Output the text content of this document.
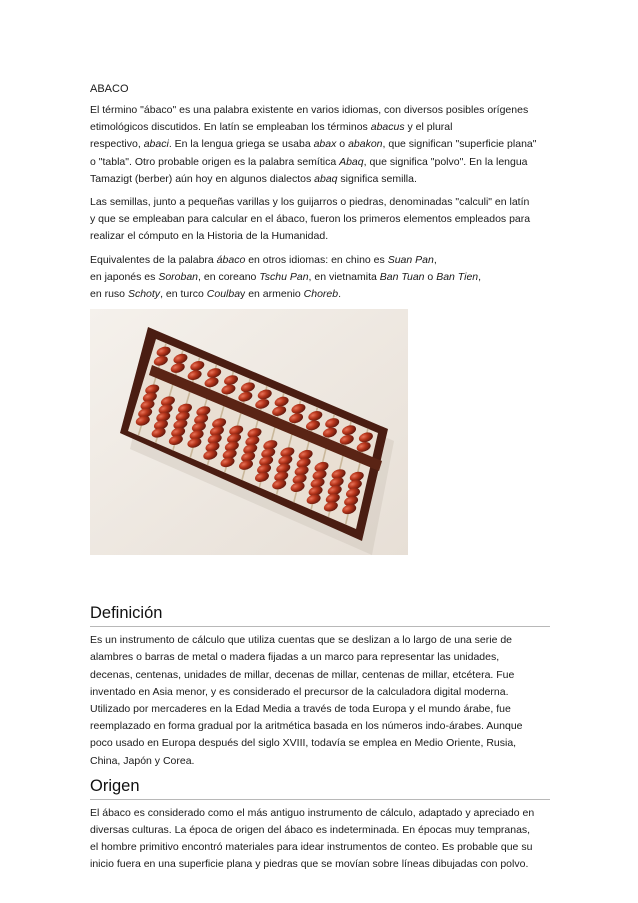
ABACO

El término "ábaco" es una palabra existente en varios idiomas, con diversos posibles orígenes
etimológicos discutidos. En latín se empleaban los términos abacus y el plural
respectivo, abaci. En la lengua griega se usaba abax o abakon, que significan "superficie plana"
o "tabla". Otro probable origen es la palabra semítica Abaq, que significa "polvo". En la lengua
Tamazigt (berber) aún hoy en algunos dialectos abaq significa semilla.

Las semillas, junto a pequeñas varillas y los guijarros o piedras, denominadas "calculi" en latín
y que se empleaban para calcular en el ábaco, fueron los primeros elementos empleados para
realizar el cómputo en la Historia de la Humanidad.

Equivalentes de la palabra ábaco en otros idiomas: en chino es Suan Pan,
en japonés es Soroban, en coreano Tschu Pan, en vietnamita Ban Tuan o Ban Tien,
en ruso Schoty, en turco Coulbay en armenio Choreb.

Definición

Es un instrumento de cálculo que utiliza cuentas que se deslizan a lo largo de una serie de
alambres o barras de metal o madera fijadas a un marco para representar las unidades,
decenas, centenas, unidades de millar, decenas de millar, centenas de millar, etcétera. Fue
inventado en Asia menor, y es considerado el precursor de la calculadora digital moderna.
Utilizado por mercaderes en la Edad Media a través de toda Europa y el mundo árabe, fue
reemplazado en forma gradual por la aritmética basada en los números indo-árabes. Aunque
poco usado en Europa después del siglo XVIII, todavía se emplea en Medio Oriente, Rusia,
China, Japón y Corea.

Origen

El ábaco es considerado como el más antiguo instrumento de cálculo, adaptado y apreciado en
diversas culturas. La época de origen del ábaco es indeterminada. En épocas muy tempranas,
el hombre primitivo encontró materiales para idear instrumentos de conteo. Es probable que su
inicio fuera en una superficie plana y piedras que se movían sobre líneas dibujadas con polvo.
